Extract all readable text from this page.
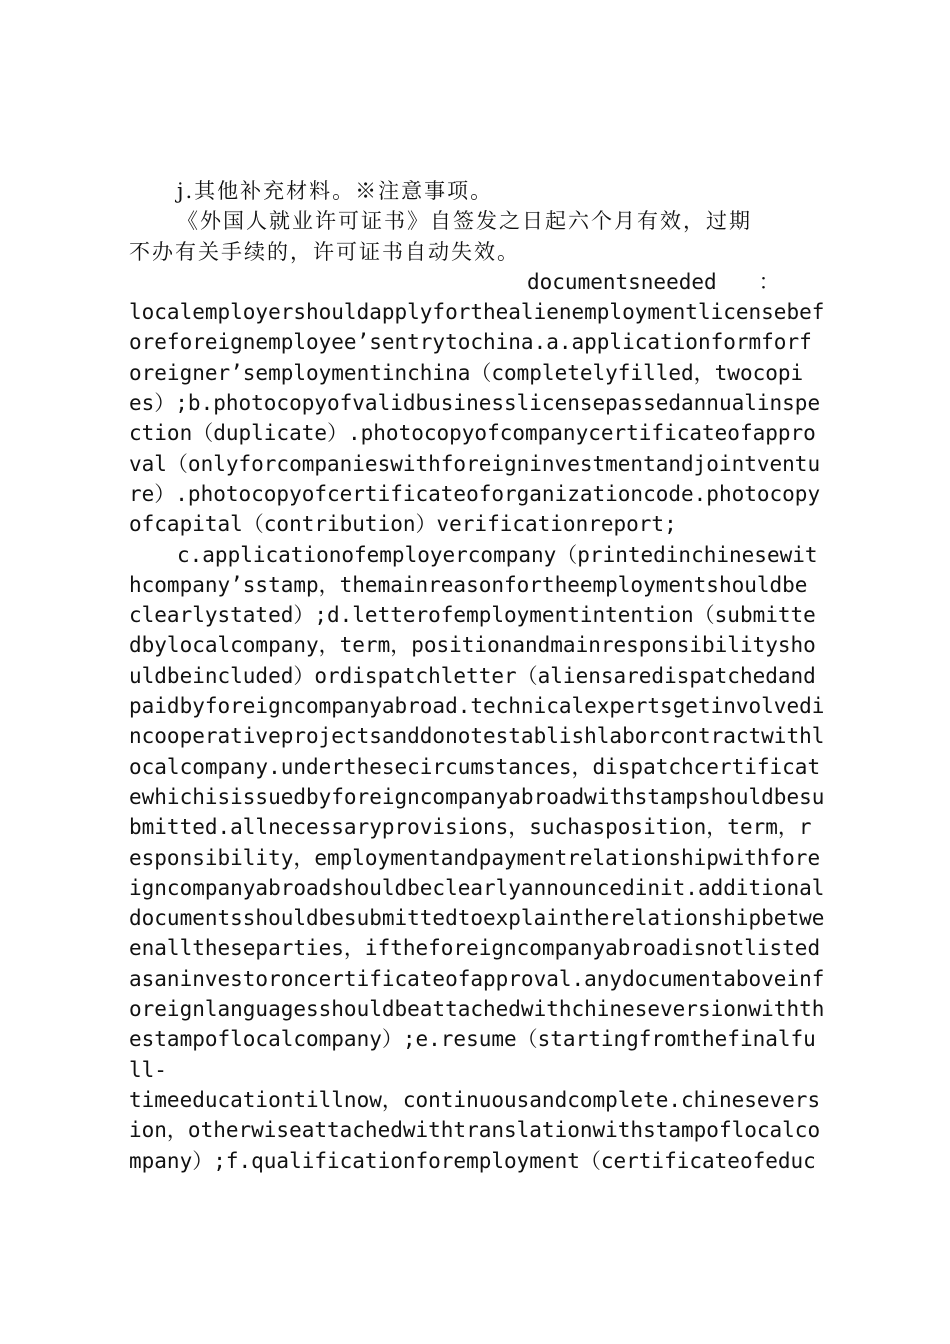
j.其他补充材料。※注意事项。
《外国人就业许可证书》自签发之日起六个月有效，过期
不办有关手续的，许可证书自动失效。
documentsneeded　　：
localemployershouldapplyforthealienemploymentlicensebef
oreforeignemployee’sentrytochina.a.applicationformforf
oreigner’semploymentinchina（completelyfilled，twocopi
es）;b.photocopyofvalidbusinesslicensepassedannualinspe
ction（duplicate）.photocopyofcompanycertificateofappro
val（onlyforcompanieswithforeigninvestmentandjointventu
re）.photocopyofcertificateoforganizationcode.photocopy
ofcapital（contribution）verificationreport;
c.applicationofemployercompany（printedinchinesewit
hcompany’sstamp，themainreasonfortheemploymentshouldbe
clearlystated）;d.letterofemploymentintention（submitte
dbylocalcompany，term，positionandmainresponsibilitysho
uldbeincluded）ordispatchletter（aliensaredispatchedand
paidbyforeigncompanyabroad.technicalexpertsgetinvolvedi
ncooperativeprojectsanddonotestablishlaborcontractwithl
ocalcompany.underthesecircumstances，dispatchcertificat
ewhichisissuedbyforeigncompanyabroadwithstampshouldbesu
bmitted.allnecessaryprovisions，suchasposition，term，r
esponsibility，employmentandpaymentrelationshipwithfore
igncompanyabroadshouldbeclearlyannouncedinit.additional
documentsshouldbesubmittedtoexplaintherelationshipbetwe
enalltheseparties，iftheforeigncompanyabroadisnotlisted
asaninvestoroncertificateofapproval.anydocumentaboveinf
oreignlanguagesshouldbeattachedwithchineseversionwithth
estampoflocalcompany）;e.resume（startingfromthefinalfu
ll-
timeeducationtillnow，continuousandcomplete.chinesevers
ion，otherwiseattachedwithtranslationwithstampoflocalco
mpany）;f.qualificationforemployment（certificateofeduc
